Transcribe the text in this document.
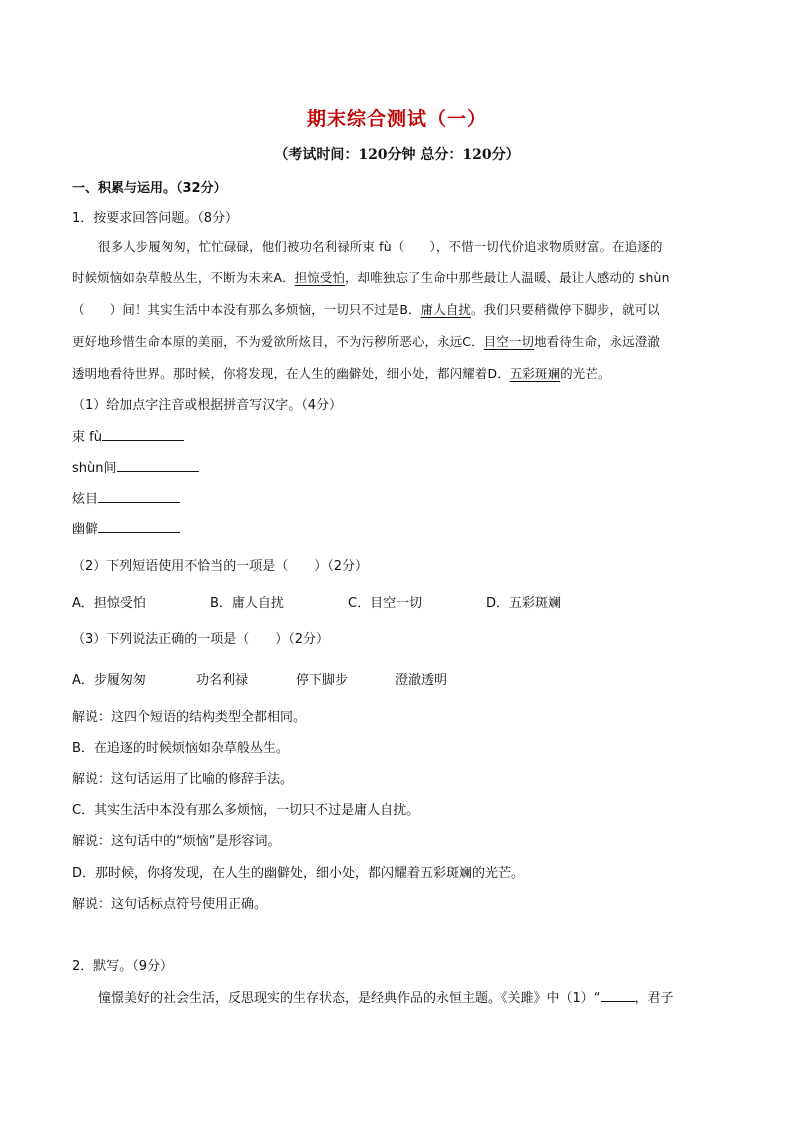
期末综合测试（一）
（考试时间：120分钟 总分：120分）
一、积累与运用。（32分）
1．按要求回答问题。（8分）
很多人步履匆匆，忙忙碌碌，他们被功名利禄所束 fù（　　），不惜一切代价追求物质财富。在追逐的
时候烦恼如杂草般丛生，不断为未来A．担惊受怕，却唯独忘了生命中那些最让人温暖、最让人感动的 shùn
（　　）间！其实生活中本没有那么多烦恼，一切只不过是B．庸人自扰。我们只要稍微停下脚步，就可以
更好地珍惜生命本原的美丽，不为爱欲所炫目，不为污秽所恶心，永远C．目空一切地看待生命，永远澄澈
透明地看待世界。那时候，你将发现，在人生的幽僻处，细小处，都闪耀着D．五彩斑斓的光芒。
（1）给加点字注音或根据拼音写汉字。（4分）
束 fù
shùn间
炫目
幽僻
（2）下列短语使用不恰当的一项是（　　）（2分）
A．担惊受怕	B．庸人自扰	C．目空一切	D．五彩斑斓
（3）下列说法正确的一项是（　　）（2分）
A．步履匆匆	功名利禄	停下脚步	澄澈透明
解说：这四个短语的结构类型全都相同。
B．在追逐的时候烦恼如杂草般丛生。
解说：这句话运用了比喻的修辞手法。
C．其实生活中本没有那么多烦恼，一切只不过是庸人自扰。
解说：这句话中的“烦恼”是形容词。
D．那时候，你将发现，在人生的幽僻处，细小处，都闪耀着五彩斑斓的光芒。
解说：这句话标点符号使用正确。
2．默写。（9分）
憧憬美好的社会生活，反思现实的生存状态，是经典作品的永恒主题。《关雎》中（1）“	，君子
